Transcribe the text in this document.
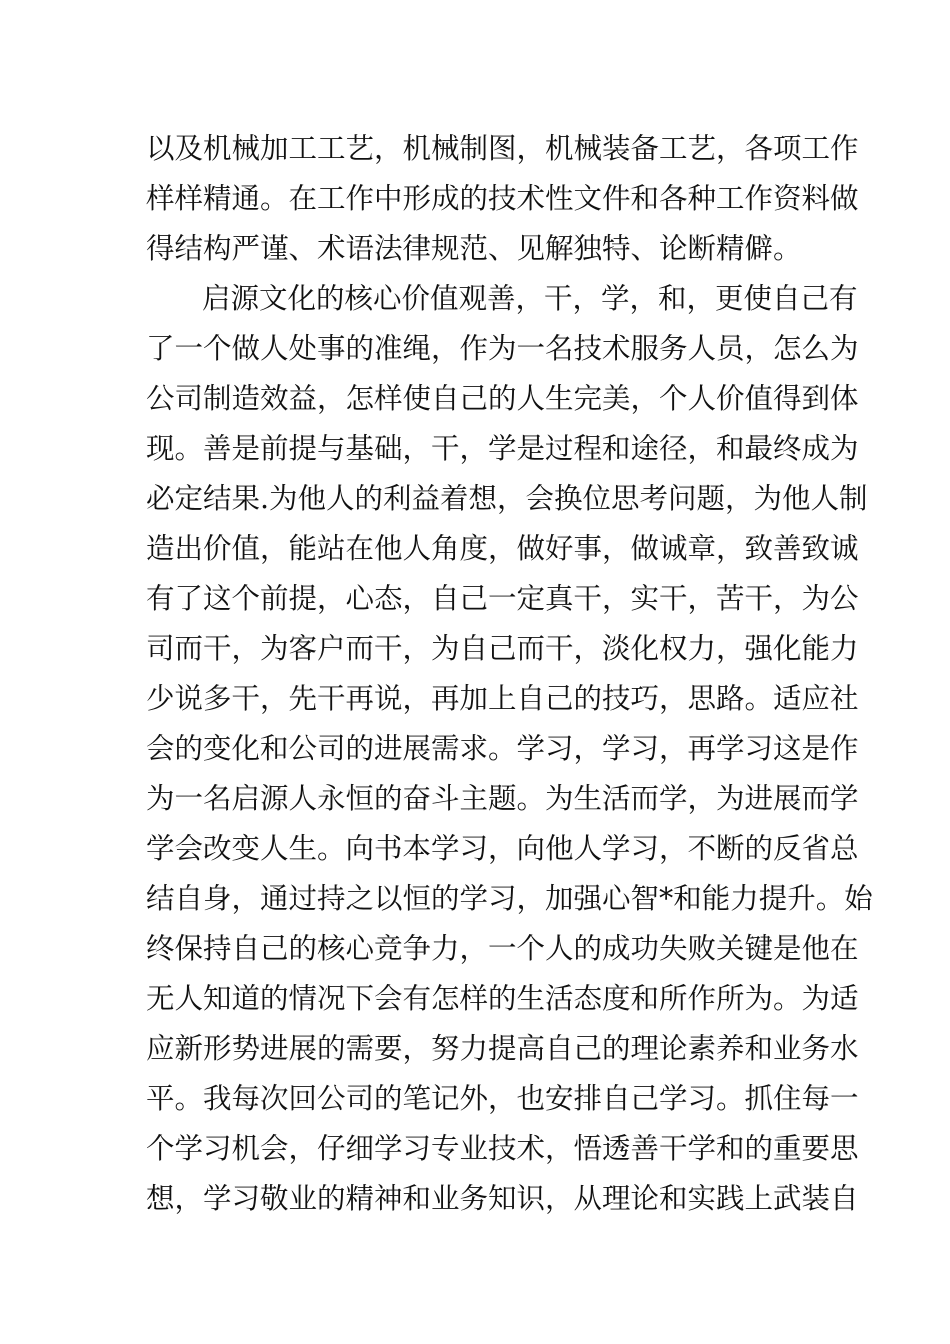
以及机械加工工艺，机械制图，机械装备工艺，各项工作
样样精通。在工作中形成的技术性文件和各种工作资料做
得结构严谨、术语法律规范、见解独特、论断精僻。
启源文化的核心价值观善，干，学，和，更使自己有
了一个做人处事的准绳，作为一名技术服务人员，怎么为
公司制造效益，怎样使自己的人生完美，个人价值得到体
现。善是前提与基础，干，学是过程和途径，和最终成为
必定结果.为他人的利益着想，会换位思考问题，为他人制
造出价值，能站在他人角度，做好事，做诚章，致善致诚
有了这个前提，心态，自己一定真干，实干，苦干，为公
司而干，为客户而干，为自己而干，淡化权力，强化能力
少说多干，先干再说，再加上自己的技巧，思路。适应社
会的变化和公司的进展需求。学习，学习，再学习这是作
为一名启源人永恒的奋斗主题。为生活而学，为进展而学
学会改变人生。向书本学习，向他人学习，不断的反省总
结自身，通过持之以恒的学习，加强心智*和能力提升。始
终保持自己的核心竞争力，一个人的成功失败关键是他在
无人知道的情况下会有怎样的生活态度和所作所为。为适
应新形势进展的需要，努力提高自己的理论素养和业务水
平。我每次回公司的笔记外，也安排自己学习。抓住每一
个学习机会，仔细学习专业技术，悟透善干学和的重要思
想，学习敬业的精神和业务知识，从理论和实践上武装自
